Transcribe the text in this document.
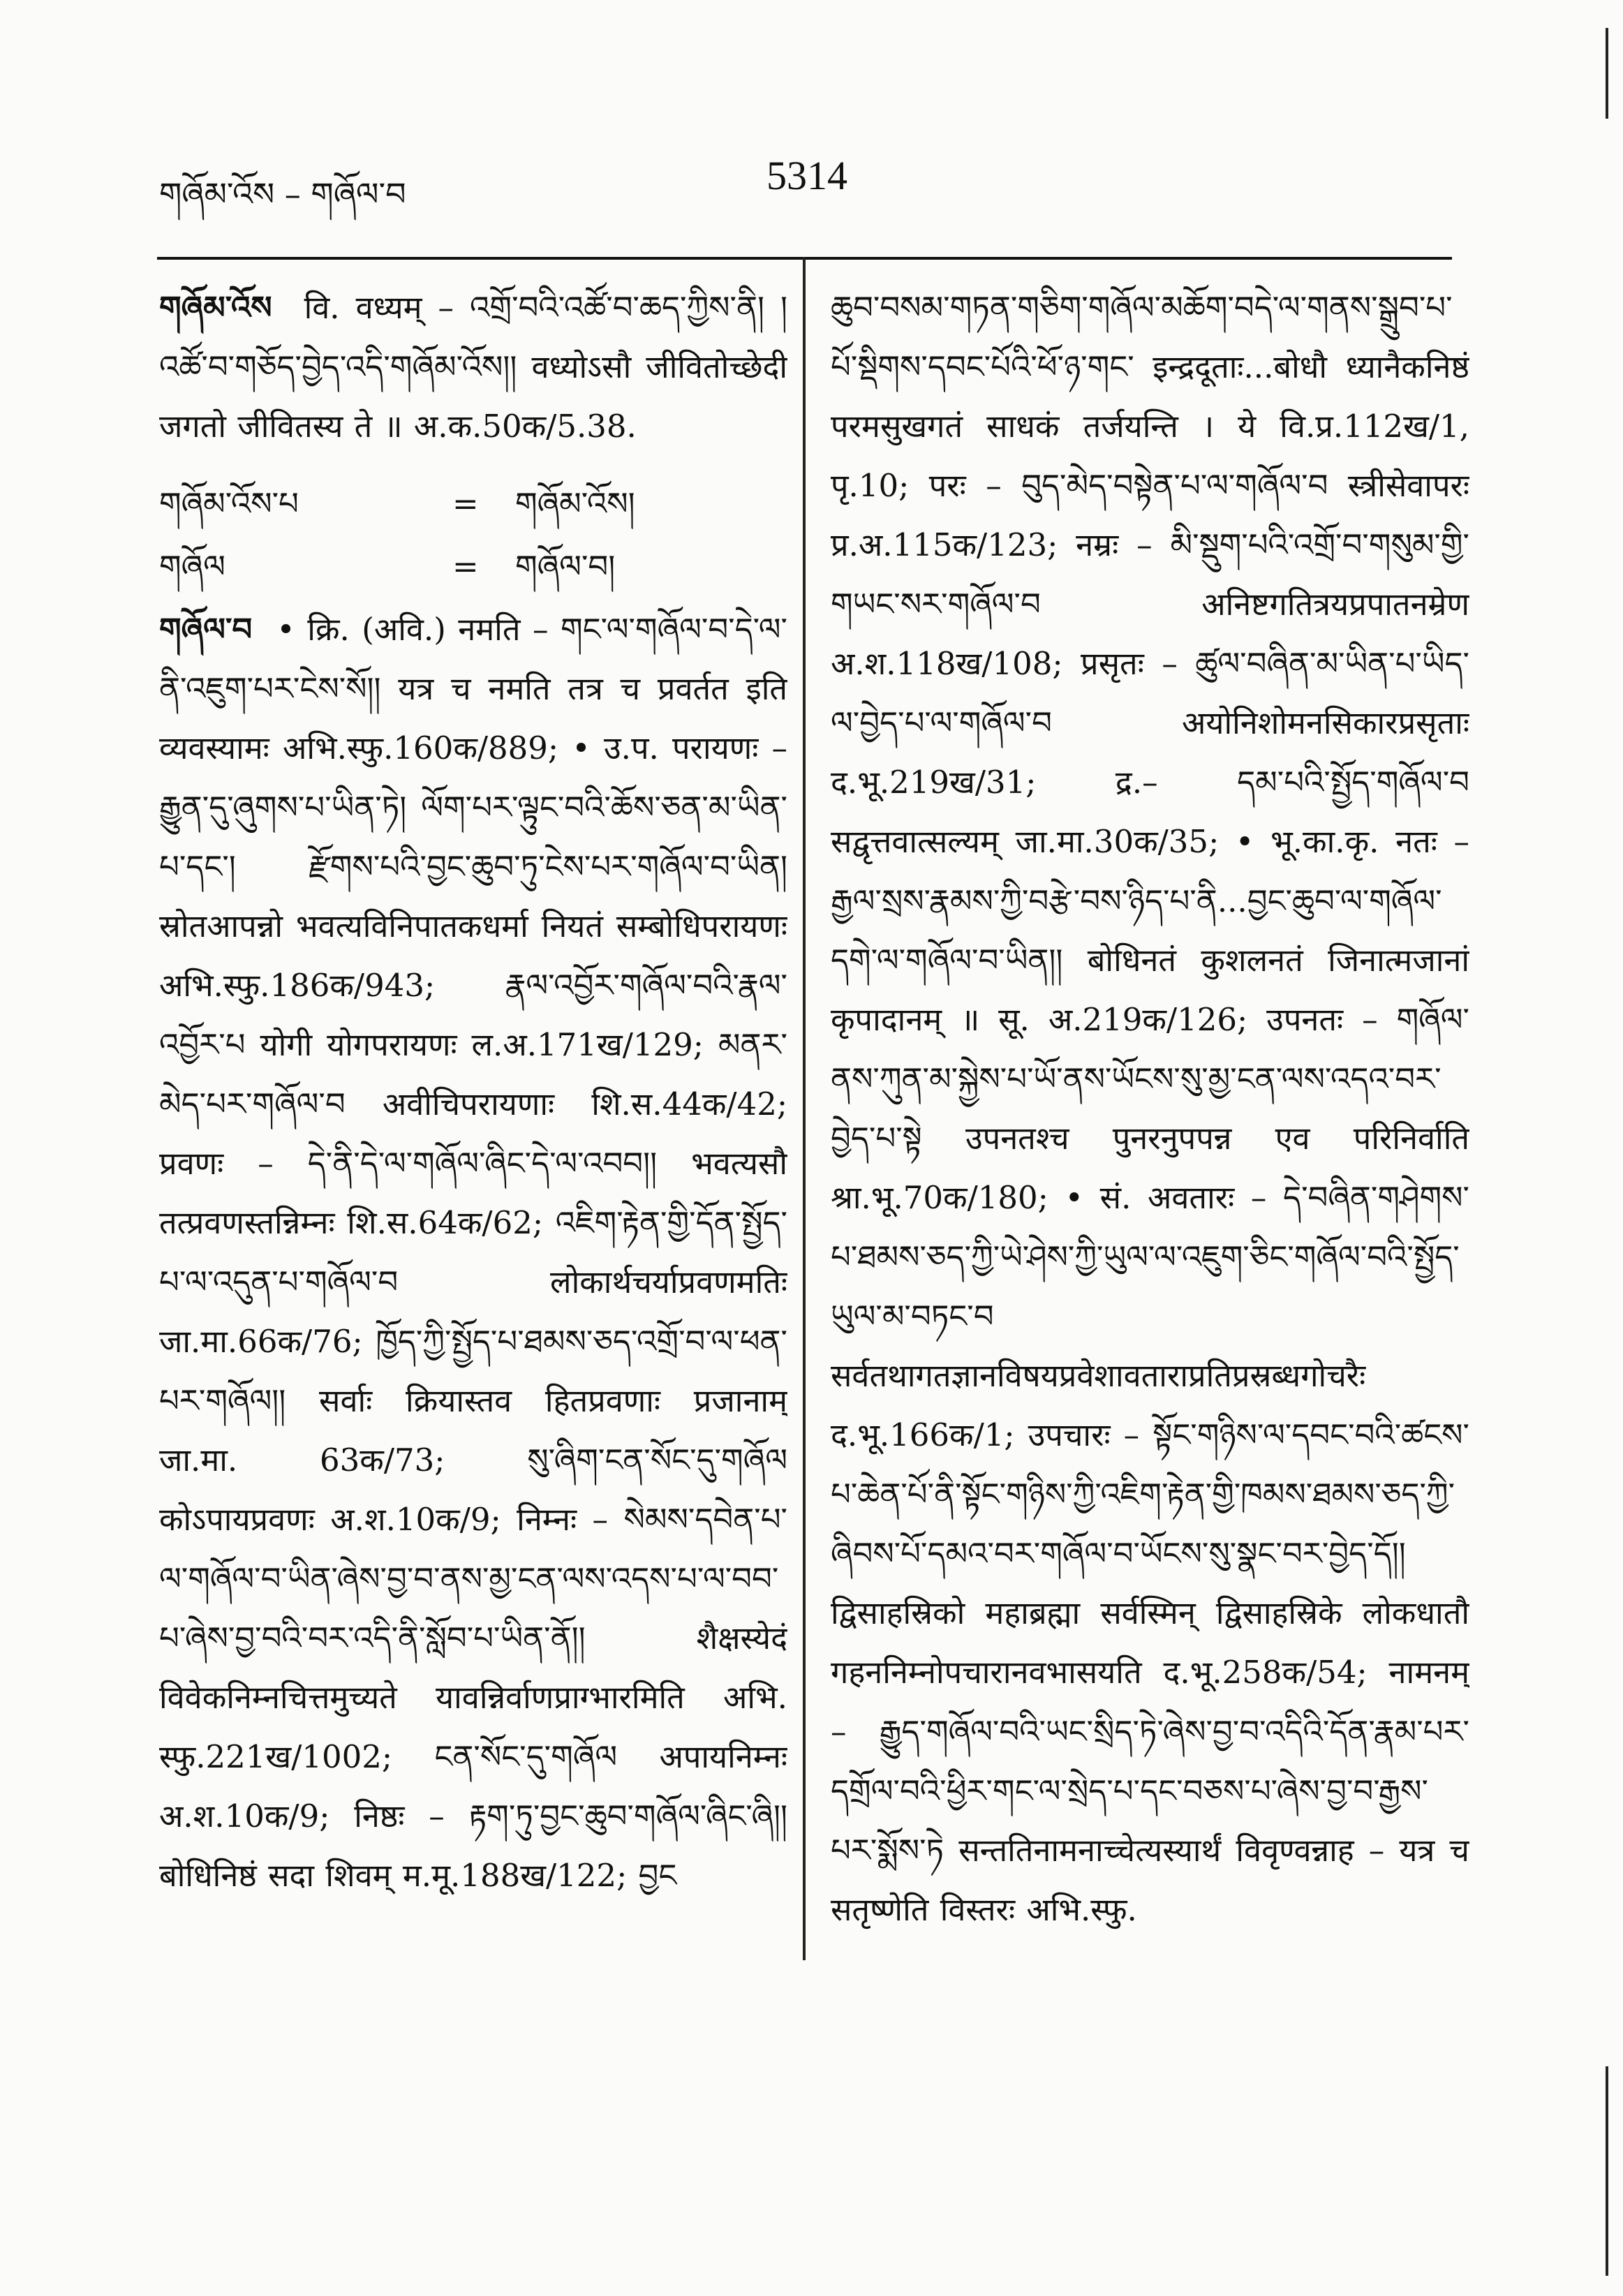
གཞོམ་འོས – གཞོལ་བ	5314
གཞོམ་འོས वि. वध्यम् – འགྲོ་བའི་འཚོ་བ་ཆད་ཀྱིས་ནི། །འཚོ་བ་གཅོད་བྱེད་འདི་གཞོམ་འོས།། वध्योऽसौ जीवितोच्छेदी जगतो जीवितस्य ते ॥ अ.क.50क/5.38.
གཞོམ་འོས་པ	=	གཞོམ་འོས།
གཞོལ	=	གཞོལ་བ།
གཞོལ་བ • क्रि. (अवि.) नमति – གང་ལ་གཞོལ་བ་དེ་ལ་ནི་འཇུག་པར་ངེས་སོ།། यत्र च नमति तत्र च प्रवर्तत इति व्यवस्यामः अभि.स्फु.160क/889; • उ.प. परायणः – རྒྱུན་དུ་ཞུགས་པ་ཡིན་ཏེ། ལོག་པར་ལྟུང་བའི་ཆོས་ཅན་མ་ཡིན་པ་དང་། རྫོགས་པའི་བྱང་ཆུབ་ཏུ་ངེས་པར་གཞོལ་བ་ཡིན། स्रोतआपन्नो भवत्यविनिपातकधर्मा नियतं सम्बोधिपरायणः अभि.स्फु.186क/943; རྣལ་འབྱོར་གཞོལ་བའི་རྣལ་འབྱོར་པ योगी योगपरायणः ल.अ.171ख/129; མནར་མེད་པར་གཞོལ་བ अवीचिपरायणाः शि.स.44क/42; प्रवणः – དེ་ནི་དེ་ལ་གཞོལ་ཞིང་དེ་ལ་འབབ།། भवत्यसौ तत्प्रवणस्तन्निम्नः शि.स.64क/62; འཇིག་རྟེན་གྱི་དོན་སྤྱོད་པ་ལ་འདུན་པ་གཞོལ་བ लोकार्थचर्याप्रवणमतिः जा.मा.66क/76; ཁྱོད་ཀྱི་སྤྱོད་པ་ཐམས་ཅད་འགྲོ་བ་ལ་ཕན་པར་གཞོལ།། सर्वाः क्रियास्तव हितप्रवणाः प्रजानाम् जा.मा. 63क/73; སུ་ཞིག་ངན་སོང་དུ་གཞོལ कोऽपायप्रवणः अ.श.10क/9; निम्नः – སེམས་དབེན་པ་ལ་གཞོལ་བ་ཡིན་ཞེས་བྱ་བ་ནས་མྱ་ངན་ལས་འདས་པ་ལ་བབ་པ་ཞེས་བྱ་བའི་བར་འདི་ནི་སློབ་པ་ཡིན་ནོ།། शैक्षस्येदं विवेकनिम्नचित्तमुच्यते यावन्निर्वाणप्राग्भारमिति अभि. स्फु.221ख/1002; ངན་སོང་དུ་གཞོལ अपायनिम्नः अ.श.10क/9; निष्ठः – རྟག་ཏུ་བྱང་ཆུབ་གཞོལ་ཞིང་ཞི།། बोधिनिष्ठं सदा शिवम् म.मू.188ख/122; བྱང
ཆུབ་བསམ་གཏན་གཅིག་གཞོལ་མཆོག་བདེ་ལ་གནས་སྒྲུབ་པ་པོ་སྡིགས་དབང་པོའི་ཕོ་ཉ་གང་ इन्द्रदूताः...बोधौ ध्यानैकनिष्ठं परमसुखगतं साधकं तर्जयन्ति । ये वि.प्र.112ख/1, पृ.10; परः – བུད་མེད་བསྟེན་པ་ལ་གཞོལ་བ स्त्रीसेवापरः प्र.अ.115क/123; नम्रः – མི་སྡུག་པའི་འགྲོ་བ་གསུམ་གྱི་གཡང་སར་གཞོལ་བ अनिष्टगतित्रयप्रपातनम्रेण अ.श.118ख/108; प्रसृतः – ཚུལ་བཞིན་མ་ཡིན་པ་ཡིད་ལ་བྱེད་པ་ལ་གཞོལ་བ अयोनिशोमनसिकारप्रसृताः द.भू.219ख/31; द्र.– དམ་པའི་སྤྱོད་གཞོལ་བ सद्वृत्तवात्सल्यम् जा.मा.30क/35; • भू.का.कृ. नतः – རྒྱལ་སྲས་རྣམས་ཀྱི་བརྩེ་བས་ཉིད་པ་ནི...བྱང་ཆུབ་ལ་གཞོལ་དགེ་ལ་གཞོལ་བ་ཡིན།། बोधिनतं कुशलनतं जिनात्मजानां कृपादानम् ॥ सू. अ.219क/126; उपनतः – གཞོལ་ནས་ཀུན་མ་སྐྱེས་པ་ཡོ་ནས་ཡོངས་སུ་མྱ་ངན་ལས་འདའ་བར་བྱེད་པ་སྟེ उपनतश्च पुनरनुपपन्न एव परिनिर्वाति श्रा.भू.70क/180; • सं. अवतारः – དེ་བཞིན་གཤེགས་པ་ཐམས་ཅད་ཀྱི་ཡེ་ཤེས་ཀྱི་ཡུལ་ལ་འཇུག་ཅིང་གཞོལ་བའི་སྤྱོད་ཡུལ་མ་བཏང་བ सर्वतथागतज्ञानविषयप्रवेशावताराप्रतिप्रस्रब्धगोचरैः द.भू.166क/1; उपचारः – སྟོང་གཉིས་ལ་དབང་བའི་ཚངས་པ་ཆེན་པོ་ནི་སྟོང་གཉིས་ཀྱི་འཇིག་རྟེན་གྱི་ཁམས་ཐམས་ཅད་ཀྱི་ཞིབས་པོ་དམའ་བར་གཞོལ་བ་ཡོངས་སུ་སྣང་བར་བྱེད་དོ།། द्विसाहस्रिको महाब्रह्मा सर्वस्मिन् द्विसाहस्रिके लोकधातौ गहननिम्नोपचारानवभासयति द.भू.258क/54; नामनम् – རྒྱུད་གཞོལ་བའི་ཡང་སྲིད་ཏེ་ཞེས་བྱ་བ་འདིའི་དོན་རྣམ་པར་དགྲོལ་བའི་ཕྱིར་གང་ལ་སྲེད་པ་དང་བཅས་པ་ཞེས་བྱ་བ་རྒྱས་པར་སྨོས་ཏེ सन्ततिनामनाच्चेत्यस्यार्थं विवृण्वन्नाह – यत्र च सतृष्णेति विस्तरः अभि.स्फु.
